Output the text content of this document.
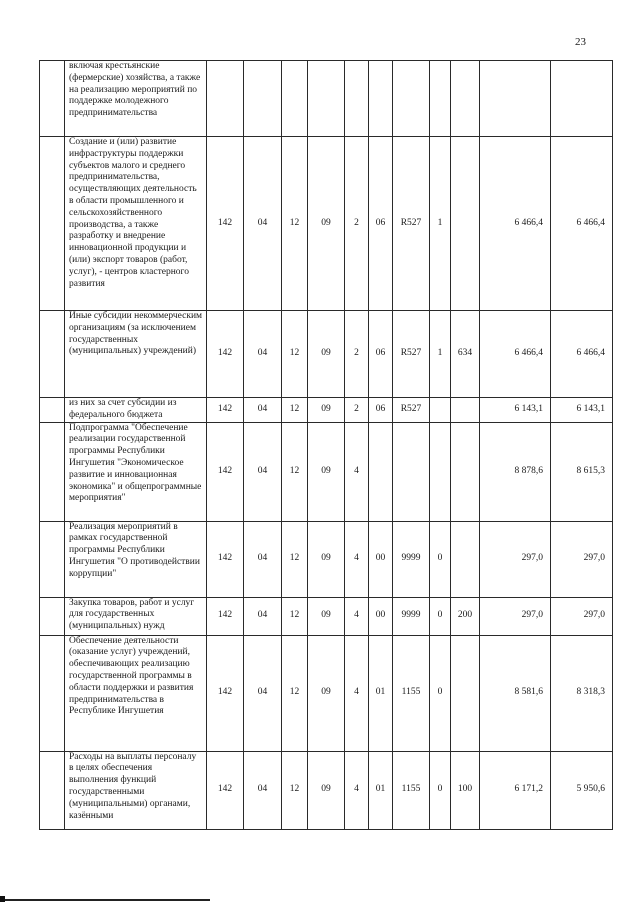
23
	включая крестьянские (фермерские) хозяйства, а также на реализацию мероприятий по поддержке молодежного предпринимательства											
	Создание и (или) развитие инфраструктуры поддержки субъектов малого и среднего предпринимательства, осуществляющих деятельность в области промышленного и сельскохозяйственного производства, а также разработку и внедрение инновационной продукции и (или) экспорт товаров (работ, услуг), - центров кластерного развития	142	04	12	09	2	06	R527	1		6 466,4	6 466,4
	Иные субсидии некоммерческим организациям (за исключением государственных (муниципальных) учреждений)	142	04	12	09	2	06	R527	1	634	6 466,4	6 466,4
	из них за счет субсидии из федерального бюджета	142	04	12	09	2	06	R527			6 143,1	6 143,1
	Подпрограмма "Обеспечение реализации государственной программы Республики Ингушетия "Экономическое развитие и инновационная экономика" и общепрограммные мероприятия"	142	04	12	09	4					8 878,6	8 615,3
	Реализация мероприятий в рамках государственной программы Республики Ингушетия "О противодействии коррупции"	142	04	12	09	4	00	9999	0		297,0	297,0
	Закупка товаров, работ и услуг для государственных (муниципальных) нужд	142	04	12	09	4	00	9999	0	200	297,0	297,0
	Обеспечение деятельности (оказание услуг) учреждений, обеспечивающих реализацию государственной программы в области поддержки и развития предпринимательства в Республике Ингушетия	142	04	12	09	4	01	1155	0		8 581,6	8 318,3
	Расходы на выплаты персоналу в целях обеспечения выполнения функций государственными (муниципальными) органами, казёнными	142	04	12	09	4	01	1155	0	100	6 171,2	5 950,6
